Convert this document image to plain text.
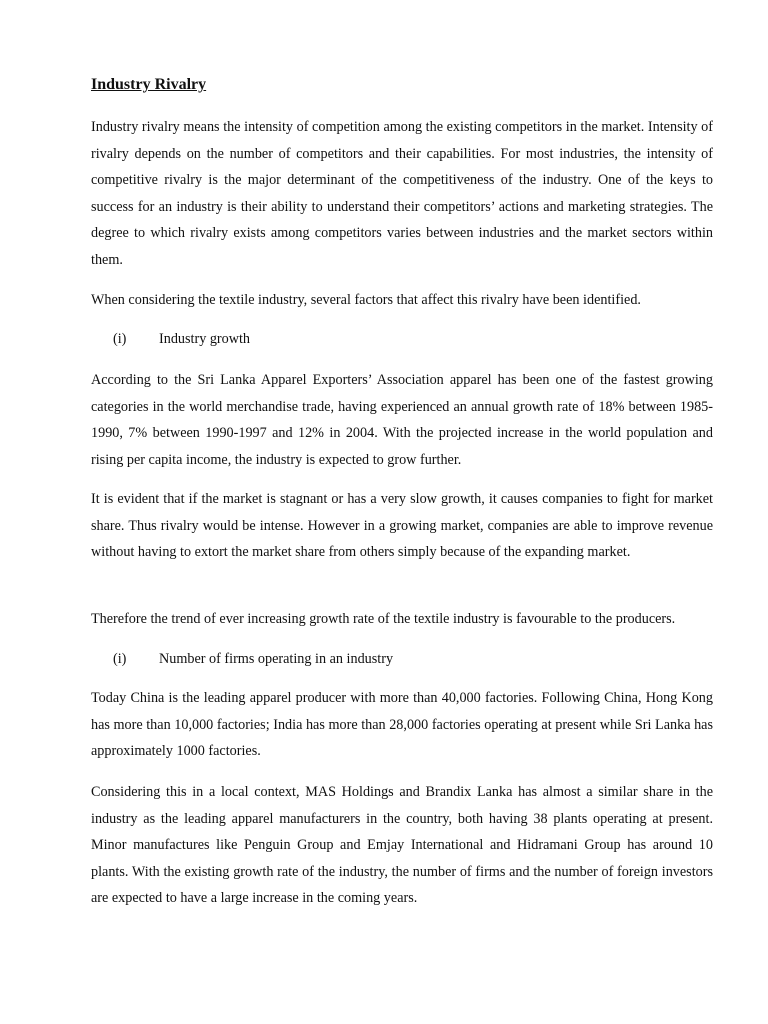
Industry Rivalry

Industry rivalry means the intensity of competition among the existing competitors in the market. Intensity of rivalry depends on the number of competitors and their capabilities. For most industries, the intensity of competitive rivalry is the major determinant of the competitiveness of the industry. One of the keys to success for an industry is their ability to understand their competitors’ actions and marketing strategies. The degree to which rivalry exists among competitors varies between industries and the market sectors within them.

When considering the textile industry, several factors that affect this rivalry have been identified.

(i) Industry growth

According to the Sri Lanka Apparel Exporters’ Association apparel has been one of the fastest growing categories in the world merchandise trade, having experienced an annual growth rate of 18% between 1985-1990, 7% between 1990-1997 and 12% in 2004. With the projected increase in the world population and rising per capita income, the industry is expected to grow further.

It is evident that if the market is stagnant or has a very slow growth, it causes companies to fight for market share. Thus rivalry would be intense. However in a growing market, companies are able to improve revenue without having to extort the market share from others simply because of the expanding market.

Therefore the trend of ever increasing growth rate of the textile industry is favourable to the producers.

(i) Number of firms operating in an industry

Today China is the leading apparel producer with more than 40,000 factories. Following China, Hong Kong has more than 10,000 factories; India has more than 28,000 factories operating at present while Sri Lanka has approximately 1000 factories.

Considering this in a local context, MAS Holdings and Brandix Lanka has almost a similar share in the industry as the leading apparel manufacturers in the country, both having 38 plants operating at present. Minor manufactures like Penguin Group and Emjay International and Hidramani Group has around 10 plants. With the existing growth rate of the industry, the number of firms and the number of foreign investors are expected to have a large increase in the coming years.
